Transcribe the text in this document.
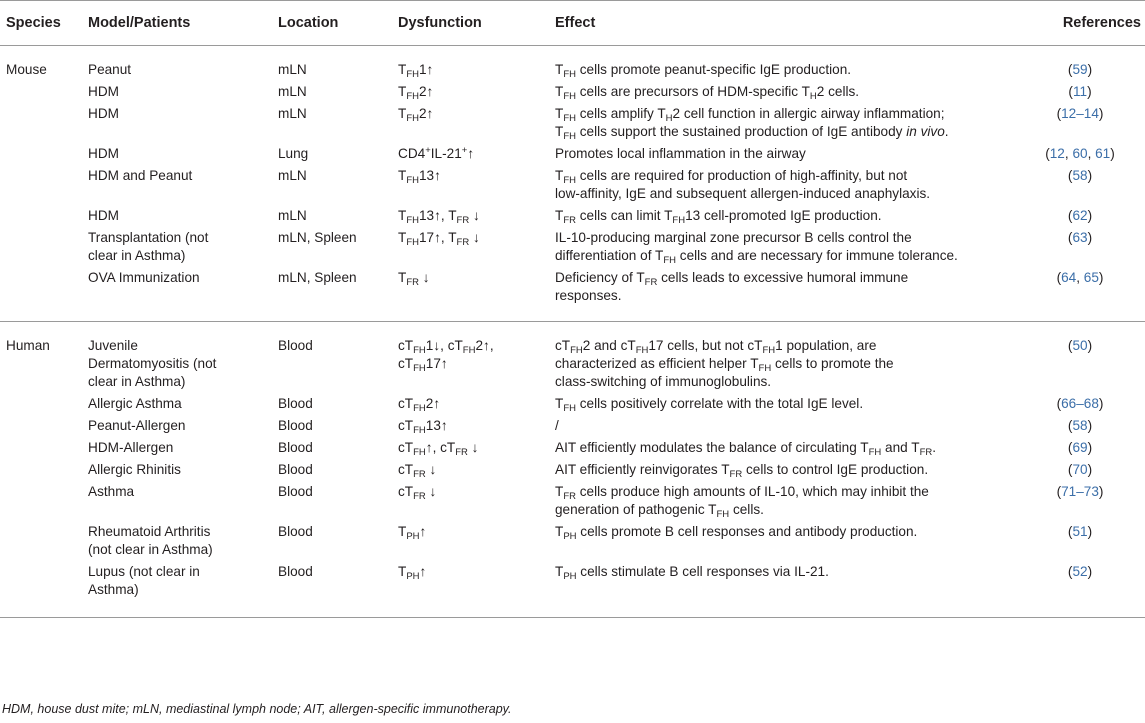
Species	Model/Patients	Location	Dysfunction	Effect	References
Mouse	Peanut	mLN	$T_{FH}1↑$	$T_{FH}$ cells promote peanut-specific IgE production.	(59)
	HDM	mLN	$T_{FH}2↑$	$T_{FH}$ cells are precursors of HDM-specific $T_H2$ cells.	(11)
	HDM	mLN	$T_{FH}2↑$	$T_{FH}$ cells amplify $T_H2$ cell function in allergic airway inflammation;
$T_{FH}$ cells support the sustained production of IgE antibody in vivo.	(12–14)
	HDM	Lung	CD4+IL-21+↑	Promotes local inflammation in the airway	(12, 60, 61)
	HDM and Peanut	mLN	$T_{FH}13↑$	$T_{FH}$ cells are required for production of high-affinity, but not
low-affinity, IgE and subsequent allergen-induced anaphylaxis.	(58)
	HDM	mLN	$T_{FH}13↑$, $T_{FR}$ ↓	$T_{FR}$ cells can limit $T_{FH}13$ cell-promoted IgE production.	(62)
	Transplantation (not
clear in Asthma)	mLN, Spleen	$T_{FH}17↑$, $T_{FR}$ ↓	IL-10-producing marginal zone precursor B cells control the
differentiation of $T_{FH}$ cells and are necessary for immune tolerance.	(63)
	OVA Immunization	mLN, Spleen	$T_{FR}$ ↓	Deficiency of $T_{FR}$ cells leads to excessive humoral immune
responses.	(64, 65)
Human	Juvenile
Dermatomyositis (not
clear in Asthma)	Blood	$cT_{FH}1↓$, $cT_{FH}2↑$,
$cT_{FH}17↑$	$cT_{FH}2$ and $cT_{FH}17$ cells, but not $cT_{FH}1$ population, are
characterized as efficient helper $T_{FH}$ cells to promote the
class-switching of immunoglobulins.	(50)
	Allergic Asthma	Blood	$cT_{FH}2↑$	$T_{FH}$ cells positively correlate with the total IgE level.	(66–68)
	Peanut-Allergen	Blood	$cT_{FH}13↑$	/	(58)
	HDM-Allergen	Blood	$cT_{FH}↑$, $cT_{FR}$ ↓	AIT efficiently modulates the balance of circulating $T_{FH}$ and $T_{FR}$.	(69)
	Allergic Rhinitis	Blood	$cT_{FR}$ ↓	AIT efficiently reinvigorates $T_{FR}$ cells to control IgE production.	(70)
	Asthma	Blood	$cT_{FR}$ ↓	$T_{FR}$ cells produce high amounts of IL-10, which may inhibit the
generation of pathogenic $T_{FH}$ cells.	(71–73)
	Rheumatoid Arthritis
(not clear in Asthma)	Blood	$T_{PH}↑$	$T_{PH}$ cells promote B cell responses and antibody production.	(51)
	Lupus (not clear in
Asthma)	Blood	$T_{PH}↑$	$T_{PH}$ cells stimulate B cell responses via IL-21.	(52)
HDM, house dust mite; mLN, mediastinal lymph node; AIT, allergen-specific immunotherapy.
